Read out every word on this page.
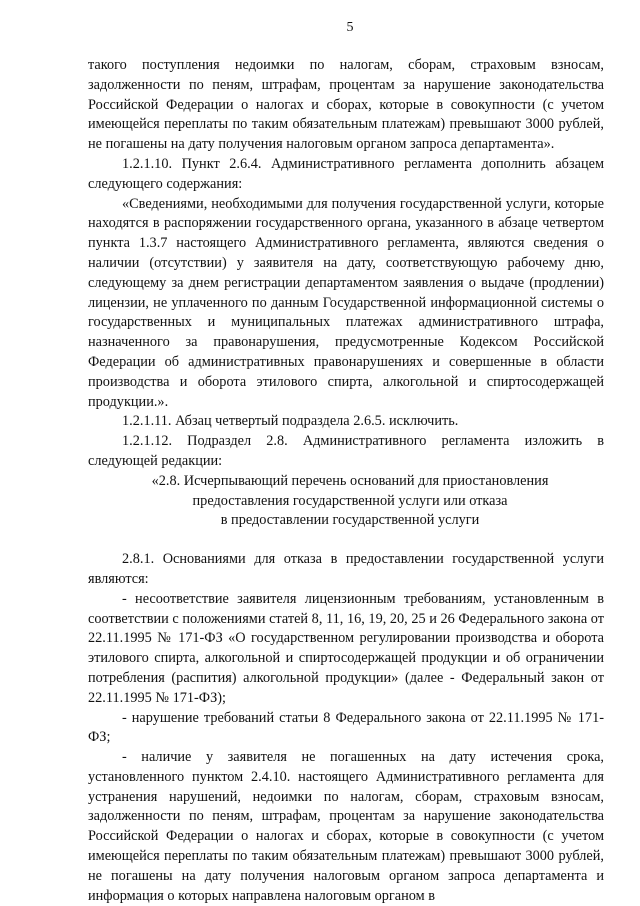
5

такого поступления недоимки по налогам, сборам, страховым взносам, задолженности по пеням, штрафам, процентам за нарушение законодательства Российской Федерации о налогах и сборах, которые в совокупности (с учетом имеющейся переплаты по таким обязательным платежам) превышают 3000 рублей, не погашены на дату получения налоговым органом запроса департамента».

1.2.1.10. Пункт 2.6.4. Административного регламента дополнить абзацем следующего содержания:

«Сведениями, необходимыми для получения государственной услуги, которые находятся в распоряжении государственного органа, указанного в абзаце четвертом пункта 1.3.7 настоящего Административного регламента, являются сведения о наличии (отсутствии) у заявителя на дату, соответствующую рабочему дню, следующему за днем регистрации департаментом заявления о выдаче (продлении) лицензии, не уплаченного по данным Государственной информационной системы о государственных и муниципальных платежах административного штрафа, назначенного за правонарушения, предусмотренные Кодексом Российской Федерации об административных правонарушениях и совершенные в области производства и оборота этилового спирта, алкогольной и спиртосодержащей продукции.».

1.2.1.11. Абзац четвертый подраздела 2.6.5. исключить.

1.2.1.12. Подраздел 2.8. Административного регламента изложить в следующей редакции:

«2.8. Исчерпывающий перечень оснований для приостановления

предоставления государственной услуги или отказа

в предоставлении государственной услуги

2.8.1. Основаниями для отказа в предоставлении государственной услуги являются:

- несоответствие заявителя лицензионным требованиям, установленным в соответствии с положениями статей 8, 11, 16, 19, 20, 25 и 26 Федерального закона от 22.11.1995 № 171-ФЗ «О государственном регулировании производства и оборота этилового спирта, алкогольной и спиртосодержащей продукции и об ограничении потребления (распития) алкогольной продукции» (далее - Федеральный закон от 22.11.1995 № 171-ФЗ);

- нарушение требований статьи 8 Федерального закона от 22.11.1995 № 171-ФЗ;

- наличие у заявителя не погашенных на дату истечения срока, установленного пунктом 2.4.10. настоящего Административного регламента для устранения нарушений, недоимки по налогам, сборам, страховым взносам, задолженности по пеням, штрафам, процентам за нарушение законодательства Российской Федерации о налогах и сборах, которые в совокупности (с учетом имеющейся переплаты по таким обязательным платежам) превышают 3000 рублей, не погашены на дату получения налоговым органом запроса департамента и информация о которых направлена налоговым органом в
